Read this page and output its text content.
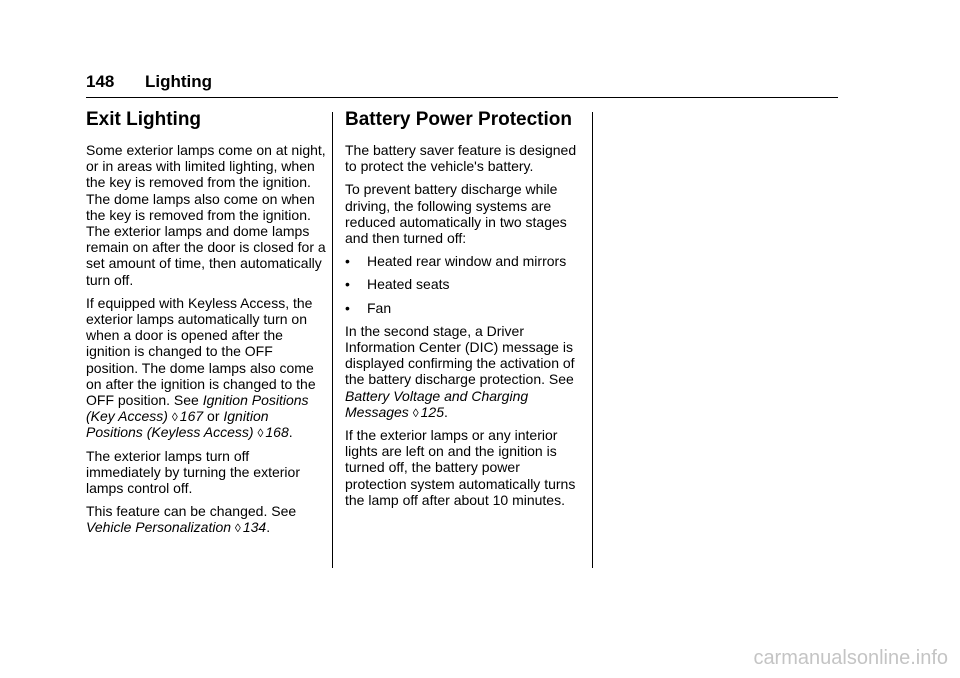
148 Lighting
Exit Lighting

Some exterior lamps come on at night, or in areas with limited lighting, when the key is removed from the ignition. The dome lamps also come on when the key is removed from the ignition. The exterior lamps and dome lamps remain on after the door is closed for a set amount of time, then automatically turn off.

If equipped with Keyless Access, the exterior lamps automatically turn on when a door is opened after the ignition is changed to the OFF position. The dome lamps also come on after the ignition is changed to the OFF position. See Ignition Positions (Key Access) ◊ 167 or Ignition Positions (Keyless Access) ◊ 168.

The exterior lamps turn off immediately by turning the exterior lamps control off.

This feature can be changed. See Vehicle Personalization ◊ 134.

Battery Power Protection

The battery saver feature is designed to protect the vehicle's battery.

To prevent battery discharge while driving, the following systems are reduced automatically in two stages and then turned off:

• Heated rear window and mirrors
• Heated seats
• Fan

In the second stage, a Driver Information Center (DIC) message is displayed confirming the activation of the battery discharge protection. See Battery Voltage and Charging Messages ◊ 125.

If the exterior lamps or any interior lights are left on and the ignition is turned off, the battery power protection system automatically turns the lamp off after about 10 minutes.

carmanualsonline.info
